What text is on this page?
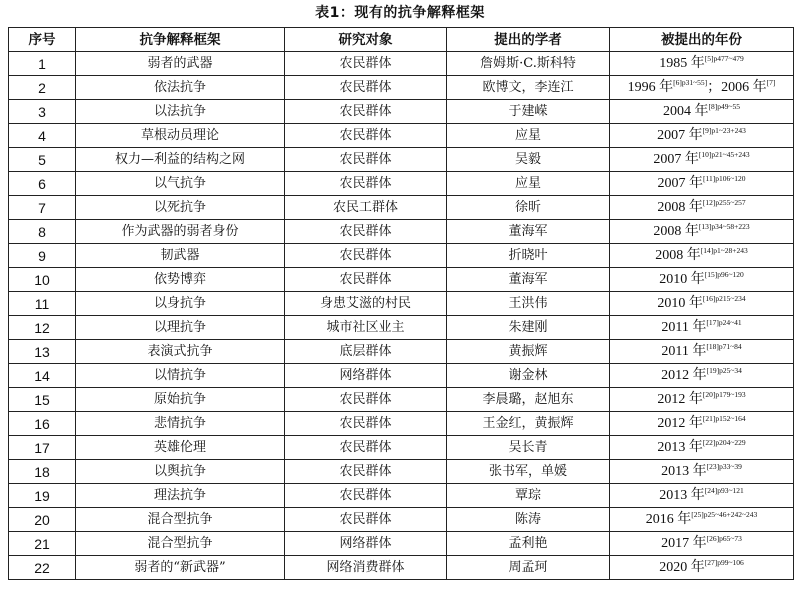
表1：现有的抗争解释框架
序号	抗争解释框架	研究对象	提出的学者	被提出的年份
1	弱者的武器	农民群体	詹姆斯·C.斯科特	1985 年$^{[5]p477\sim 479}$
2	依法抗争	农民群体	欧博文，李连江	1996 年[6]p31~55]；2006 年[7]
3	以法抗争	农民群体	于建嵘	2004 年$^{[8]p49\sim 55}$
4	草根动员理论	农民群体	应星	2007 年$^{[9]p1\sim 23+243}$
5	权力—利益的结构之网	农民群体	吴毅	2007 年$^{[10]p21\sim 45+243}$
6	以气抗争	农民群体	应星	2007 年$^{[11]p106\sim 120}$
7	以死抗争	农民工群体	徐昕	2008 年$^{[12]p255\sim 257}$
8	作为武器的弱者身份	农民群体	董海军	2008 年$^{[13]p34\sim 58+223}$
9	韧武器	农民群体	折晓叶	2008 年$^{[14]p1\sim 28+243}$
10	依势博弈	农民群体	董海军	2010 年$^{[15]p96\sim 120}$
11	以身抗争	身患艾滋的村民	王洪伟	2010 年$^{[16]p215\sim 234}$
12	以理抗争	城市社区业主	朱建刚	2011 年$^{[17]p24\sim 41}$
13	表演式抗争	底层群体	黄振辉	2011 年$^{[18]p71\sim 84}$
14	以情抗争	网络群体	谢金林	2012 年$^{[19]p25\sim 34}$
15	原始抗争	农民群体	李晨璐，赵旭东	2012 年$^{[20]p179\sim 193}$
16	悲情抗争	农民群体	王金红，黄振辉	2012 年$^{[21]p152\sim 164}$
17	英雄伦理	农民群体	吴长青	2013 年$^{[22]p204\sim 229}$
18	以舆抗争	农民群体	张书军，单媛	2013 年$^{[23]p33\sim 39}$
19	理法抗争	农民群体	覃琮	2013 年$^{[24]p93\sim 121}$
20	混合型抗争	农民群体	陈涛	2016 年$^{[25]p25\sim 46+242\sim 243}$
21	混合型抗争	网络群体	孟利艳	2017 年$^{[26]p65\sim 73}$
22	弱者的“新武器”	网络消费群体	周孟珂	2020 年$^{[27]p99\sim 106}$
